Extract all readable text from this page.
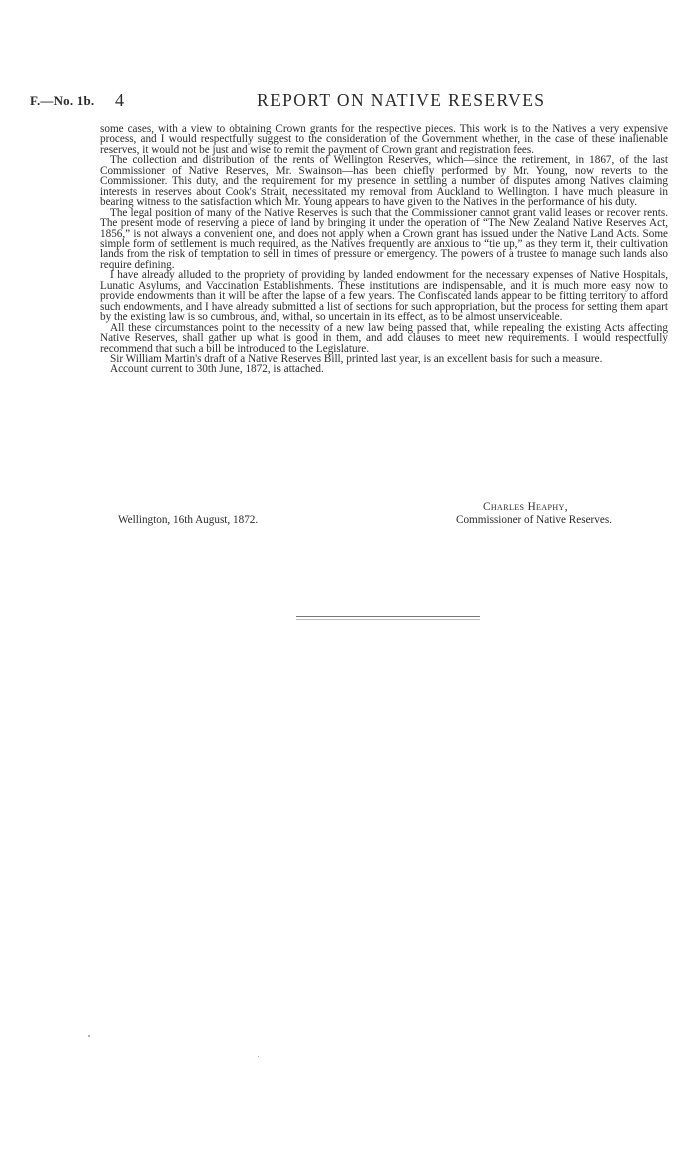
F.—No. 1b. 4	REPORT ON NATIVE RESERVES

some cases, with a view to obtaining Crown grants for the respective pieces. This work is to the Natives a very expensive process, and I would respectfully suggest to the consideration of the Government whether, in the case of these inalienable reserves, it would not be just and wise to remit the payment of Crown grant and registration fees.

The collection and distribution of the rents of Wellington Reserves, which—since the retirement, in 1867, of the last Commissioner of Native Reserves, Mr. Swainson—has been chiefly performed by Mr. Young, now reverts to the Commissioner. This duty, and the requirement for my presence in settling a number of disputes among Natives claiming interests in reserves about Cook's Strait, necessitated my removal from Auckland to Wellington. I have much pleasure in bearing witness to the satisfaction which Mr. Young appears to have given to the Natives in the performance of his duty.

The legal position of many of the Native Reserves is such that the Commissioner cannot grant valid leases or recover rents. The present mode of reserving a piece of land by bringing it under the operation of “The New Zealand Native Reserves Act, 1856,” is not always a convenient one, and does not apply when a Crown grant has issued under the Native Land Acts. Some simple form of settlement is much required, as the Natives frequently are anxious to “tie up,” as they term it, their cultivation lands from the risk of temptation to sell in times of pressure or emergency. The powers of a trustee to manage such lands also require defining.

I have already alluded to the propriety of providing by landed endowment for the necessary expenses of Native Hospitals, Lunatic Asylums, and Vaccination Establishments. These institutions are indispensable, and it is much more easy now to provide endowments than it will be after the lapse of a few years. The Confiscated lands appear to be fitting territory to afford such endowments, and I have already submitted a list of sections for such appropriation, but the process for setting them apart by the existing law is so cumbrous, and, withal, so uncertain in its effect, as to be almost unserviceable.

All these circumstances point to the necessity of a new law being passed that, while repealing the existing Acts affecting Native Reserves, shall gather up what is good in them, and add clauses to meet new requirements. I would respectfully recommend that such a bill be introduced to the Legislature.

Sir William Martin's draft of a Native Reserves Bill, printed last year, is an excellent basis for such a measure.

Account current to 30th June, 1872, is attached.

Wellington, 16th August, 1872.
Charles Heaphy,
Commissioner of Native Reserves.
